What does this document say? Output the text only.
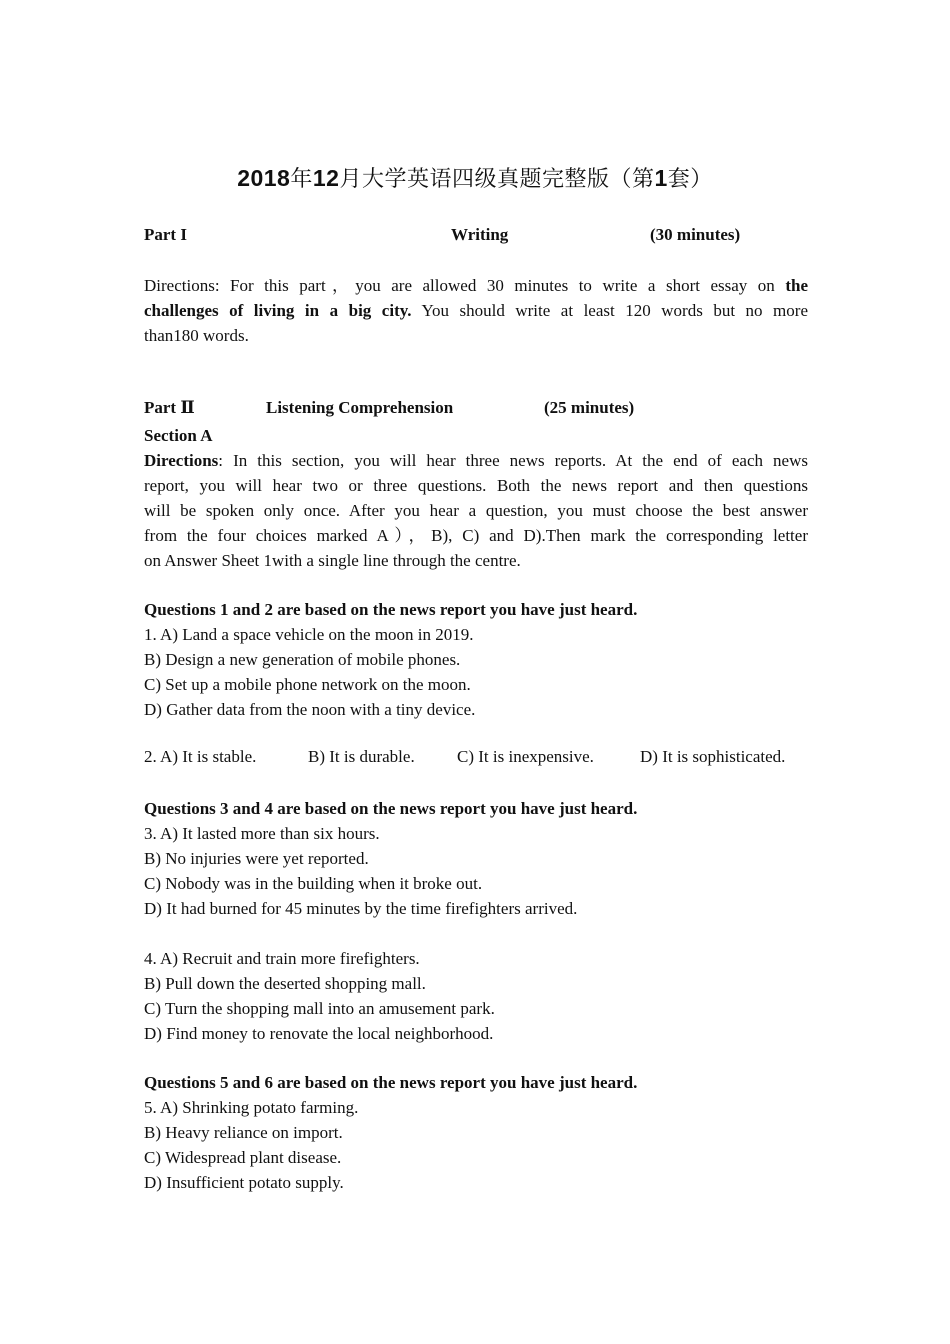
2018年12月大学英语四级真题完整版（第1套）
Part I	Writing	(30 minutes)
Directions: For this part，you are allowed 30 minutes to write a short essay on the
challenges of living in a big city. You should write at least 120 words but no more
than180 words.
Part Ⅱ	Listening Comprehension	(25 minutes)
Section A
Directions: In this section, you will hear three news reports. At the end of each news
report, you will hear two or three questions. Both the news report and then questions
will be spoken only once. After you hear a question, you must choose the best answer
from the four choices marked A），B), C) and D).Then mark the corresponding letter
on Answer Sheet 1with a single line through the centre.
Questions 1 and 2 are based on the news report you have just heard.
1. A) Land a space vehicle on the moon in 2019.
B) Design a new generation of mobile phones.
C) Set up a mobile phone network on the moon.
D) Gather data from the noon with a tiny device.
2. A) It is stable.	B) It is durable. C) It is inexpensive.	D) It is sophisticated.
Questions 3 and 4 are based on the news report you have just heard.
3. A) It lasted more than six hours.
B) No injuries were yet reported.
C) Nobody was in the building when it broke out.
D) It had burned for 45 minutes by the time firefighters arrived.
4. A) Recruit and train more firefighters.
B) Pull down the deserted shopping mall.
C) Turn the shopping mall into an amusement park.
D) Find money to renovate the local neighborhood.
Questions 5 and 6 are based on the news report you have just heard.
5. A) Shrinking potato farming.
B) Heavy reliance on import.
C) Widespread plant disease.
D) Insufficient potato supply.
